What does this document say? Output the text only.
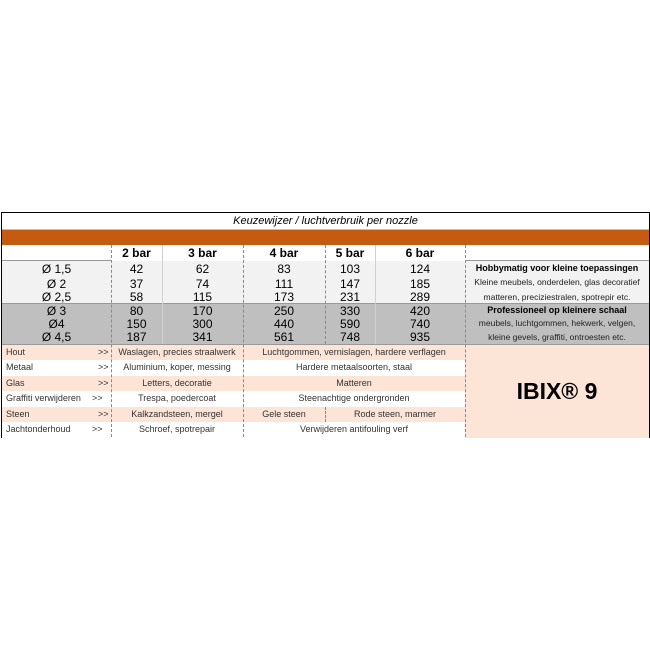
Keuzewijzer / luchtverbruik per nozzle
2 bar	3 bar	4 bar	5 bar	6 bar
Ø 1,5	42	62	83	103	124
Ø 2	37	74	111	147	185
Ø 2,5	58	115	173	231	289
Ø 3	80	170	250	330	420
Ø4	150	300	440	590	740
Ø 4,5	187	341	561	748	935
Hobbymatig voor kleine toepassingen
Kleine meubels, onderdelen, glas decoratief
matteren, preciziestralen, spotrepir etc.
Professioneel op kleinere schaal
meubels, luchtgommen, hekwerk, velgen,
kleine gevels, graffiti, ontroesten etc.
Hout	>>	Waslagen, precies straalwerk	Luchtgommen, vernislagen, hardere verflagen
Metaal	>>	Aluminium, koper, messing	Hardere metaalsoorten, staal
Glas	>>	Letters, decoratie	Matteren
Graffiti verwijderen >>	Trespa, poedercoat	Steenachtige ondergronden
Steen	>>	Kalkzandsteen, mergel	Gele steen	Rode steen, marmer
Jachtonderhoud >>	Schroef, spotrepair	Verwijderen antifouling verf
IBIX® 9
